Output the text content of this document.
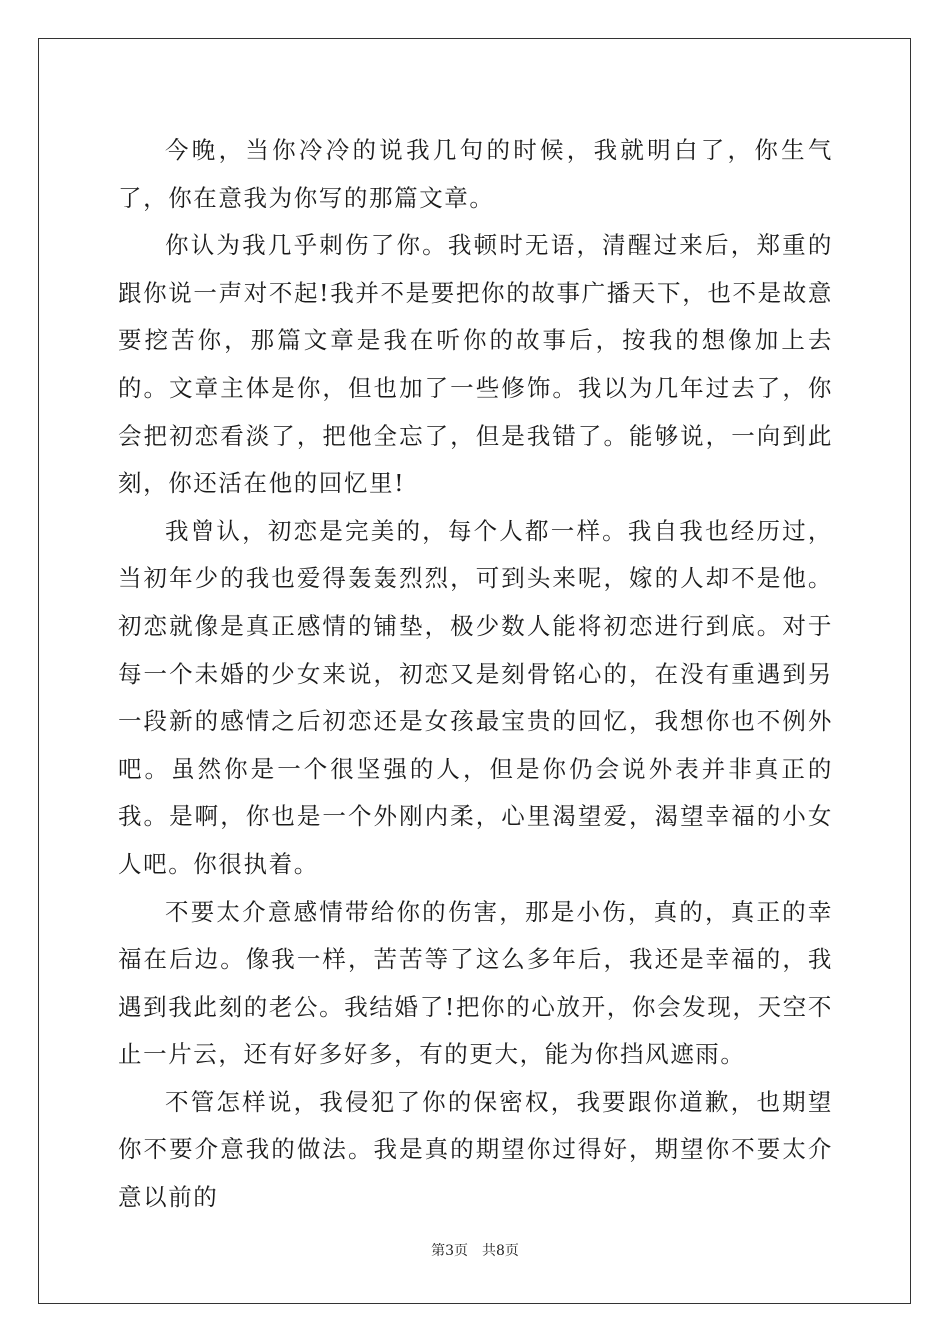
今晚，当你冷冷的说我几句的时候，我就明白了，你生气了，你在意我为你写的那篇文章。

你认为我几乎刺伤了你。我顿时无语，清醒过来后，郑重的跟你说一声对不起!我并不是要把你的故事广播天下，也不是故意要挖苦你，那篇文章是我在听你的故事后，按我的想像加上去的。文章主体是你，但也加了一些修饰。我以为几年过去了，你会把初恋看淡了，把他全忘了，但是我错了。能够说，一向到此刻，你还活在他的回忆里!

我曾认，初恋是完美的，每个人都一样。我自我也经历过，当初年少的我也爱得轰轰烈烈，可到头来呢，嫁的人却不是他。初恋就像是真正感情的铺垫，极少数人能将初恋进行到底。对于每一个未婚的少女来说，初恋又是刻骨铭心的，在没有重遇到另一段新的感情之后初恋还是女孩最宝贵的回忆，我想你也不例外吧。虽然你是一个很坚强的人，但是你仍会说外表并非真正的我。是啊，你也是一个外刚内柔，心里渴望爱，渴望幸福的小女人吧。你很执着。

不要太介意感情带给你的伤害，那是小伤，真的，真正的幸福在后边。像我一样，苦苦等了这么多年后，我还是幸福的，我遇到我此刻的老公。我结婚了!把你的心放开，你会发现，天空不止一片云，还有好多好多，有的更大，能为你挡风遮雨。

不管怎样说，我侵犯了你的保密权，我要跟你道歉，也期望你不要介意我的做法。我是真的期望你过得好，期望你不要太介意以前的

第3页 共8页
